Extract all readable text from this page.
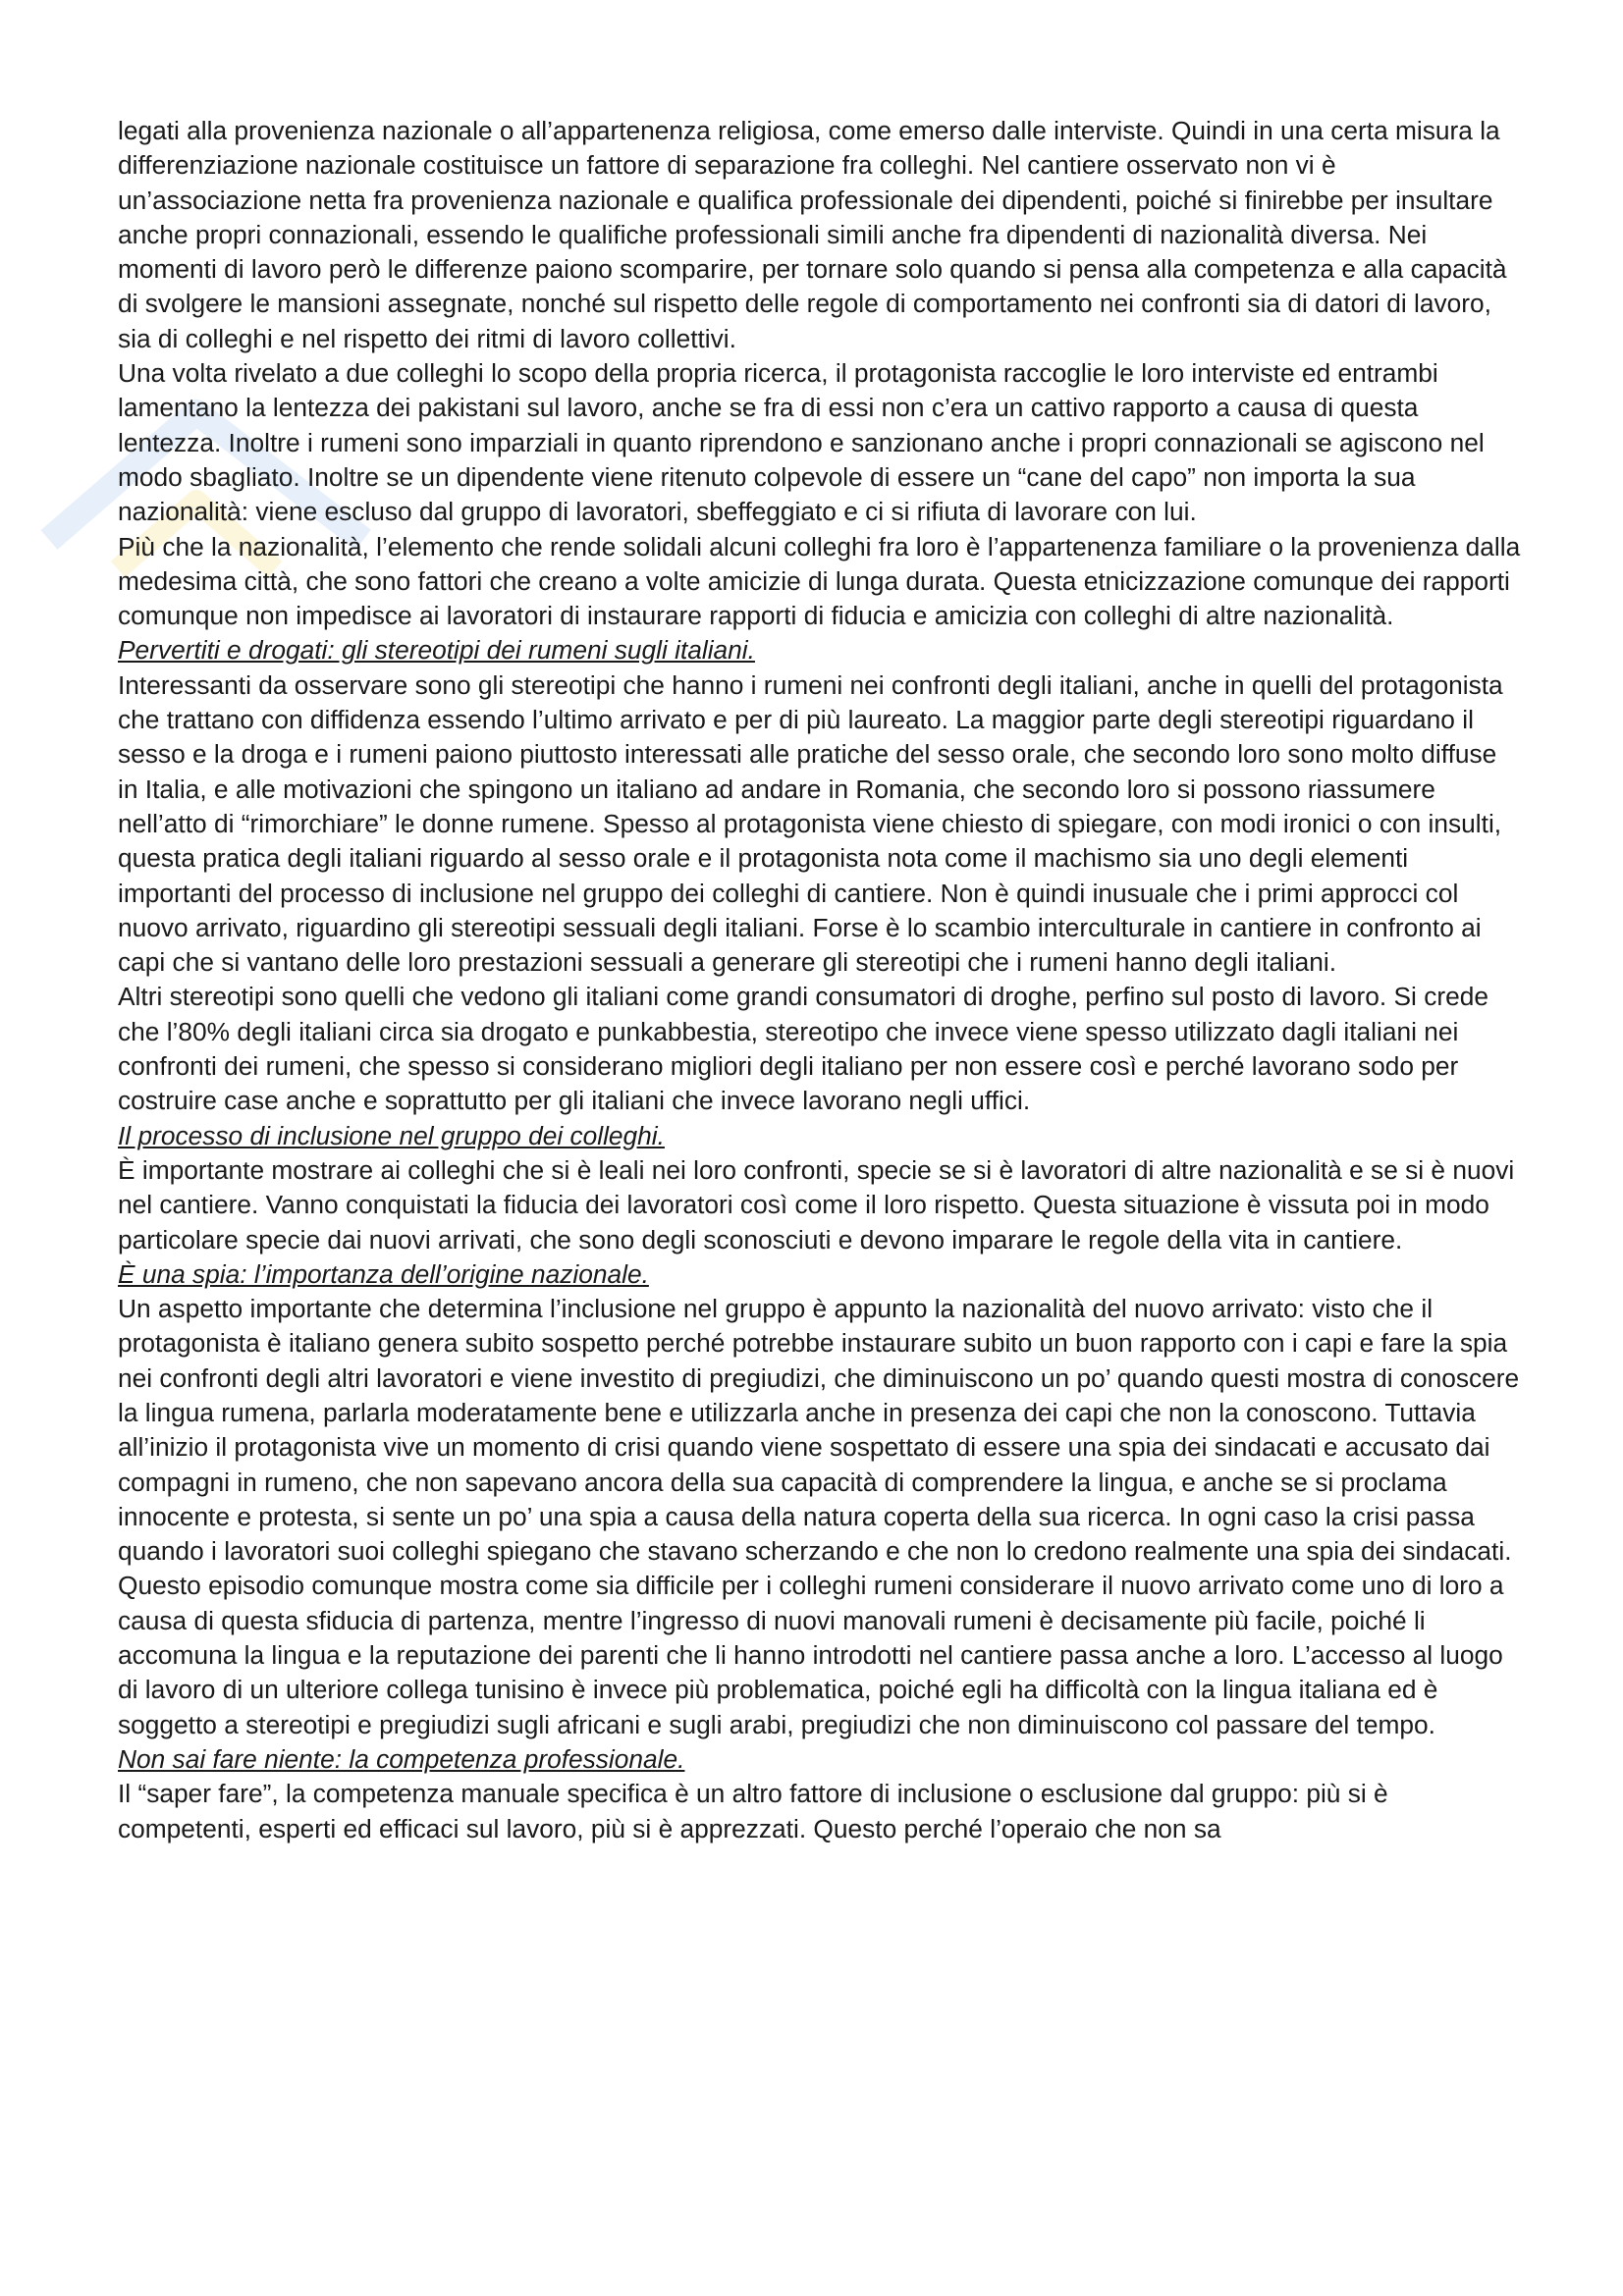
legati alla provenienza nazionale o all’appartenenza religiosa, come emerso dalle interviste. Quindi in una certa misura la differenziazione nazionale costituisce un fattore di separazione fra colleghi. Nel cantiere osservato non vi è un’associazione netta fra provenienza nazionale e qualifica professionale dei dipendenti, poiché si finirebbe per insultare anche propri connazionali, essendo le qualifiche professionali simili anche fra dipendenti di nazionalità diversa. Nei momenti di lavoro però le differenze paiono scomparire, per tornare solo quando si pensa alla competenza e alla capacità di svolgere le mansioni assegnate, nonché sul rispetto delle regole di comportamento nei confronti sia di datori di lavoro, sia di colleghi e nel rispetto dei ritmi di lavoro collettivi.

Una volta rivelato a due colleghi lo scopo della propria ricerca, il protagonista raccoglie le loro interviste ed entrambi lamentano la lentezza dei pakistani sul lavoro, anche se fra di essi non c’era un cattivo rapporto a causa di questa lentezza. Inoltre i rumeni sono imparziali in quanto riprendono e sanzionano anche i propri connazionali se agiscono nel modo sbagliato. Inoltre se un dipendente viene ritenuto colpevole di essere un “cane del capo” non importa la sua nazionalità: viene escluso dal gruppo di lavoratori, sbeffeggiato e ci si rifiuta di lavorare con lui.

Più che la nazionalità, l’elemento che rende solidali alcuni colleghi fra loro è l’appartenenza familiare o la provenienza dalla medesima città, che sono fattori che creano a volte amicizie di lunga durata. Questa etnicizzazione comunque dei rapporti comunque non impedisce ai lavoratori di instaurare rapporti di fiducia e amicizia con colleghi di altre nazionalità.

Pervertiti e drogati: gli stereotipi dei rumeni sugli italiani.

Interessanti da osservare sono gli stereotipi che hanno i rumeni nei confronti degli italiani, anche in quelli del protagonista che trattano con diffidenza essendo l’ultimo arrivato e per di più laureato. La maggior parte degli stereotipi riguardano il sesso e la droga e i rumeni paiono piuttosto interessati alle pratiche del sesso orale, che secondo loro sono molto diffuse in Italia, e alle motivazioni che spingono un italiano ad andare in Romania, che secondo loro si possono riassumere nell’atto di “rimorchiare” le donne rumene. Spesso al protagonista viene chiesto di spiegare, con modi ironici o con insulti, questa pratica degli italiani riguardo al sesso orale e il protagonista nota come il machismo sia uno degli elementi importanti del processo di inclusione nel gruppo dei colleghi di cantiere. Non è quindi inusuale che i primi approcci col nuovo arrivato, riguardino gli stereotipi sessuali degli italiani. Forse è lo scambio interculturale in cantiere in confronto ai capi che si vantano delle loro prestazioni sessuali a generare gli stereotipi che i rumeni hanno degli italiani.

Altri stereotipi sono quelli che vedono gli italiani come grandi consumatori di droghe, perfino sul posto di lavoro. Si crede che l’80% degli italiani circa sia drogato e punkabbestia, stereotipo che invece viene spesso utilizzato dagli italiani nei confronti dei rumeni, che spesso si considerano migliori degli italiano per non essere così e perché lavorano sodo per costruire case anche e soprattutto per gli italiani che invece lavorano negli uffici.

Il processo di inclusione nel gruppo dei colleghi.

È importante mostrare ai colleghi che si è leali nei loro confronti, specie se si è lavoratori di altre nazionalità e se si è nuovi nel cantiere. Vanno conquistati la fiducia dei lavoratori così come il loro rispetto. Questa situazione è vissuta poi in modo particolare specie dai nuovi arrivati, che sono degli sconosciuti e devono imparare le regole della vita in cantiere.

È una spia: l’importanza dell’origine nazionale.

Un aspetto importante che determina l’inclusione nel gruppo è appunto la nazionalità del nuovo arrivato: visto che il protagonista è italiano genera subito sospetto perché potrebbe instaurare subito un buon rapporto con i capi e fare la spia nei confronti degli altri lavoratori e viene investito di pregiudizi, che diminuiscono un po’ quando questi mostra di conoscere la lingua rumena, parlarla moderatamente bene e utilizzarla anche in presenza dei capi che non la conoscono. Tuttavia all’inizio il protagonista vive un momento di crisi quando viene sospettato di essere una spia dei sindacati e accusato dai compagni in rumeno, che non sapevano ancora della sua capacità di comprendere la lingua, e anche se si proclama innocente e protesta, si sente un po’ una spia a causa della natura coperta della sua ricerca. In ogni caso la crisi passa quando i lavoratori suoi colleghi spiegano che stavano scherzando e che non lo credono realmente una spia dei sindacati. Questo episodio comunque mostra come sia difficile per i colleghi rumeni considerare il nuovo arrivato come uno di loro a causa di questa sfiducia di partenza, mentre l’ingresso di nuovi manovali rumeni è decisamente più facile, poiché li accomuna la lingua e la reputazione dei parenti che li hanno introdotti nel cantiere passa anche a loro. L’accesso al luogo di lavoro di un ulteriore collega tunisino è invece più problematica, poiché egli ha difficoltà con la lingua italiana ed è soggetto a stereotipi e pregiudizi sugli africani e sugli arabi, pregiudizi che non diminuiscono col passare del tempo.

Non sai fare niente: la competenza professionale.

Il “saper fare”, la competenza manuale specifica è un altro fattore di inclusione o esclusione dal gruppo: più si è competenti, esperti ed efficaci sul lavoro, più si è apprezzati. Questo perché l’operaio che non sa
